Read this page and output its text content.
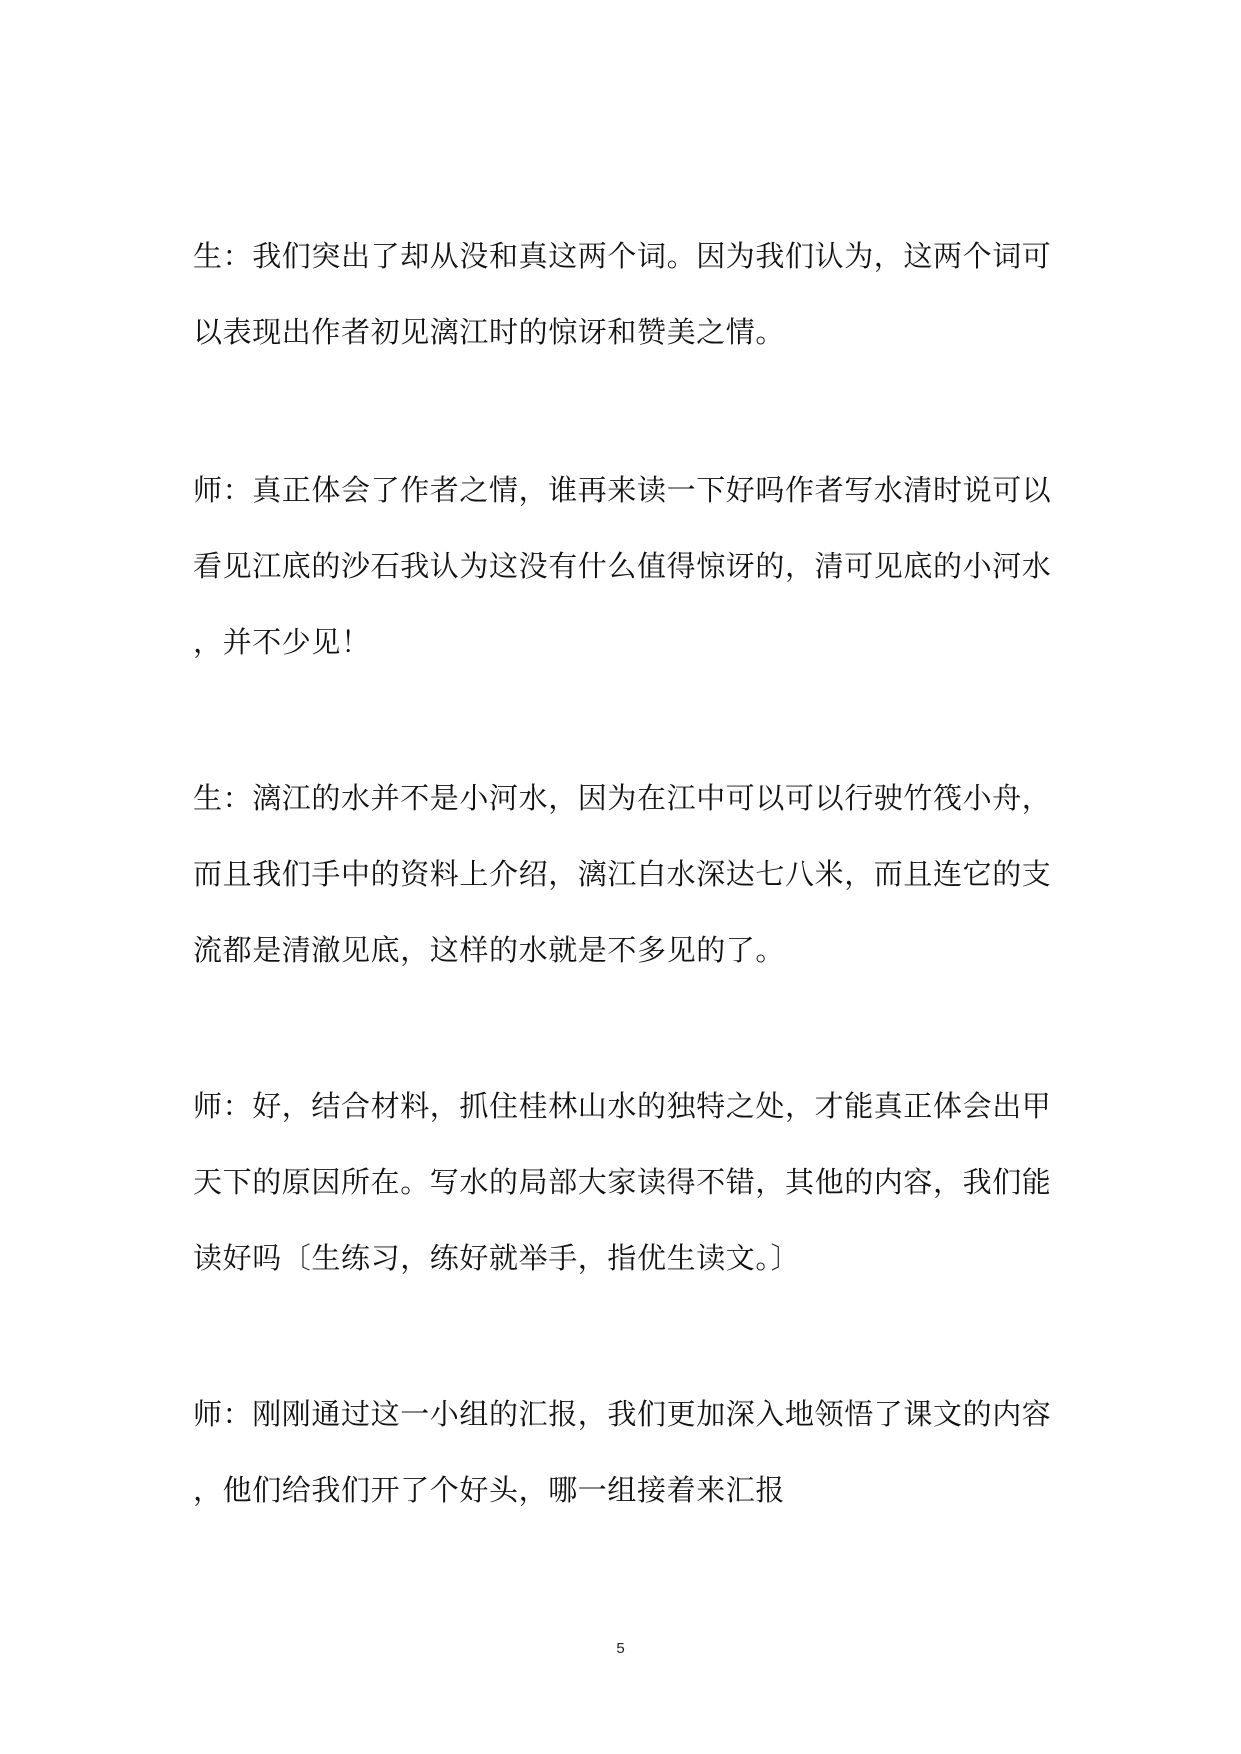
生：我们突出了却从没和真这两个词。因为我们认为，这两个词可
以表现出作者初见漓江时的惊讶和赞美之情。
师：真正体会了作者之情，谁再来读一下好吗作者写水清时说可以
看见江底的沙石我认为这没有什么值得惊讶的，清可见底的小河水
，并不少见！
生：漓江的水并不是小河水，因为在江中可以可以行驶竹筏小舟，
而且我们手中的资料上介绍，漓江白水深达七八米，而且连它的支
流都是清澈见底，这样的水就是不多见的了。
师：好，结合材料，抓住桂林山水的独特之处，才能真正体会出甲
天下的原因所在。写水的局部大家读得不错，其他的内容，我们能
读好吗〔生练习，练好就举手，指优生读文。〕
师：刚刚通过这一小组的汇报，我们更加深入地领悟了课文的内容
，他们给我们开了个好头，哪一组接着来汇报
5
